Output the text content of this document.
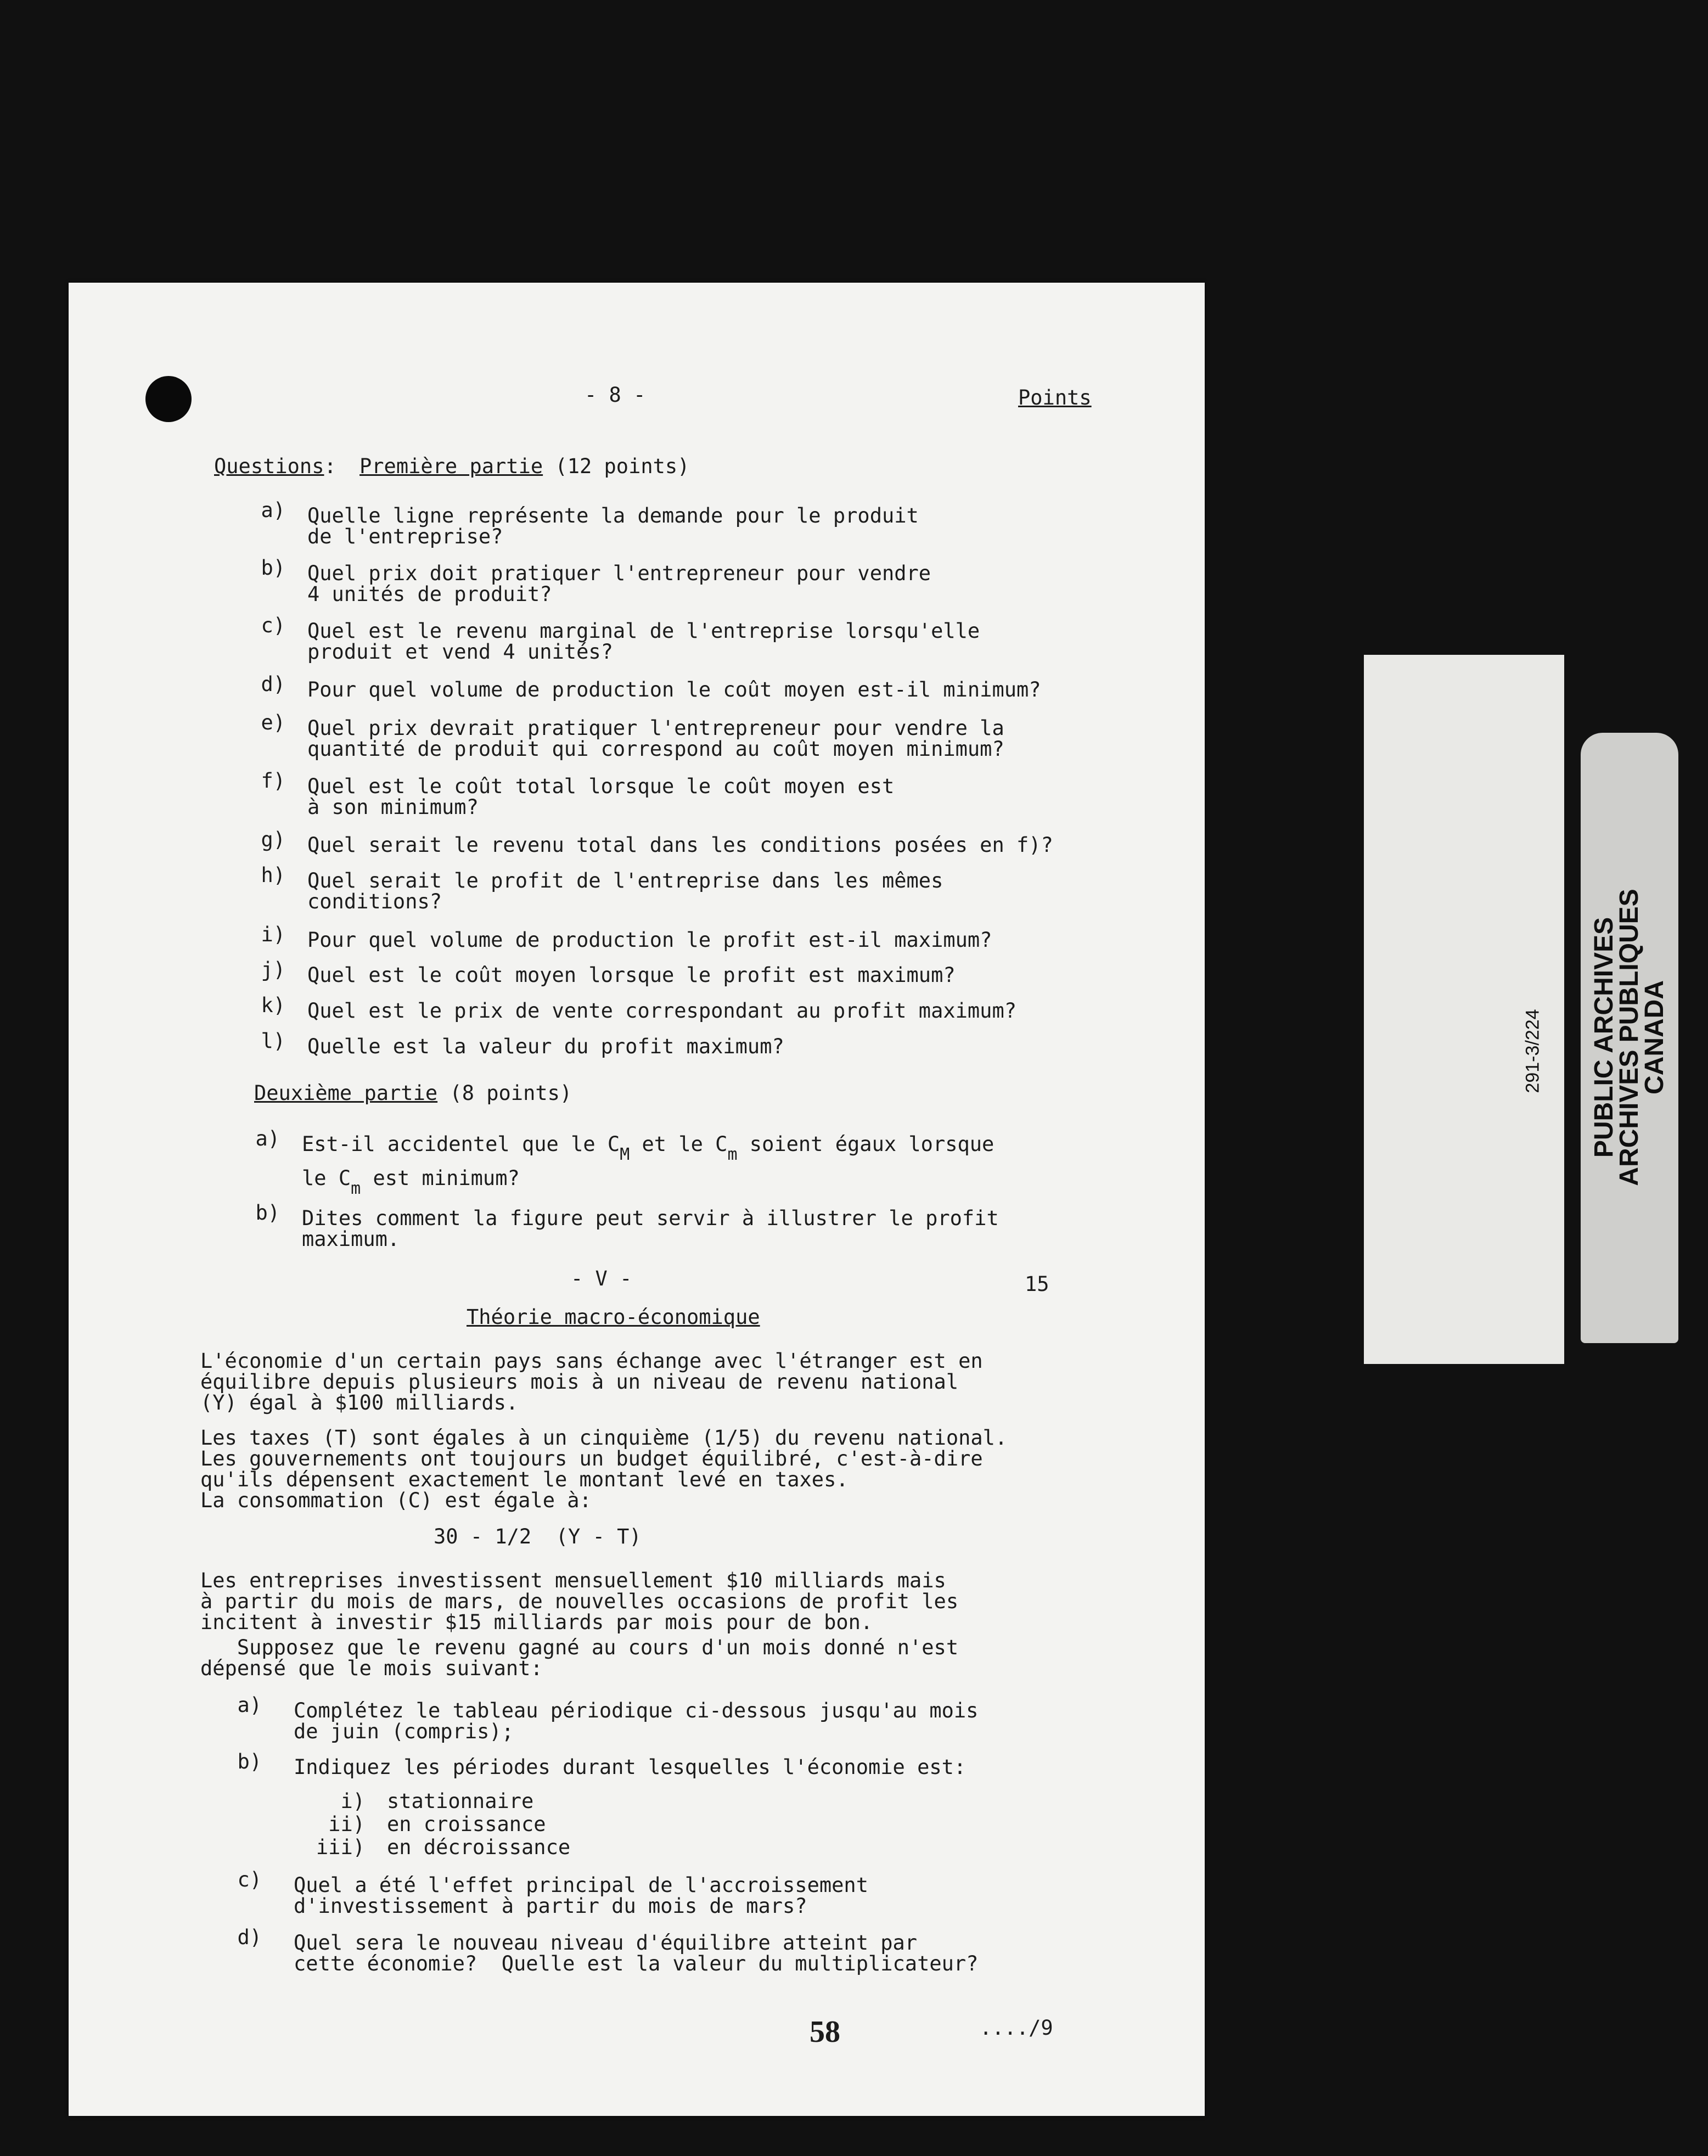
- 8 -	Points
Questions: Première partie (12 points)
a) Quelle ligne représente la demande pour le produit
de l'entreprise?
b) Quel prix doit pratiquer l'entrepreneur pour vendre
4 unités de produit?
c) Quel est le revenu marginal de l'entreprise lorsqu'elle
produit et vend 4 unités?
d) Pour quel volume de production le coût moyen est-il minimum?
e) Quel prix devrait pratiquer l'entrepreneur pour vendre la
quantité de produit qui correspond au coût moyen minimum?
f) Quel est le coût total lorsque le coût moyen est
à son minimum?
g) Quel serait le revenu total dans les conditions posées en f)?
h) Quel serait le profit de l'entreprise dans les mêmes
conditions?
i) Pour quel volume de production le profit est-il maximum?
j) Quel est le coût moyen lorsque le profit est maximum?
k) Quel est le prix de vente correspondant au profit maximum?
l) Quelle est la valeur du profit maximum?
Deuxième partie (8 points)
a) Est-il accidentel que le $C_M$ et le $C_m$ soient égaux lorsque
le $C_m$ est minimum?
b) Dites comment la figure peut servir à illustrer le profit
maximum.
- V -	15
Théorie macro-économique
L'économie d'un certain pays sans échange avec l'étranger est en
équilibre depuis plusieurs mois à un niveau de revenu national
(Y) égal à $100 milliards.
Les taxes (T) sont égales à un cinquième (1/5) du revenu national.
Les gouvernements ont toujours un budget équilibré, c'est-à-dire
qu'ils dépensent exactement le montant levé en taxes.
La consommation (C) est égale à:
30 - 1/2  (Y - T)
Les entreprises investissent mensuellement $10 milliards mais
à partir du mois de mars, de nouvelles occasions de profit les
incitent à investir $15 milliards par mois pour de bon.
Supposez que le revenu gagné au cours d'un mois donné n'est
dépensé que le mois suivant:
a) Complétez le tableau périodique ci-dessous jusqu'au mois
de juin (compris);
b) Indiquez les périodes durant lesquelles l'économie est:
i) stationnaire
ii) en croissance
iii) en décroissance
c) Quel a été l'effet principal de l'accroissement
d'investissement à partir du mois de mars?
d) Quel sera le nouveau niveau d'équilibre atteint par
cette économie?  Quelle est la valeur du multiplicateur?
58	..../9
291-3/224 PUBLIC ARCHIVES
ARCHIVES PUBLIQUES
CANADA
